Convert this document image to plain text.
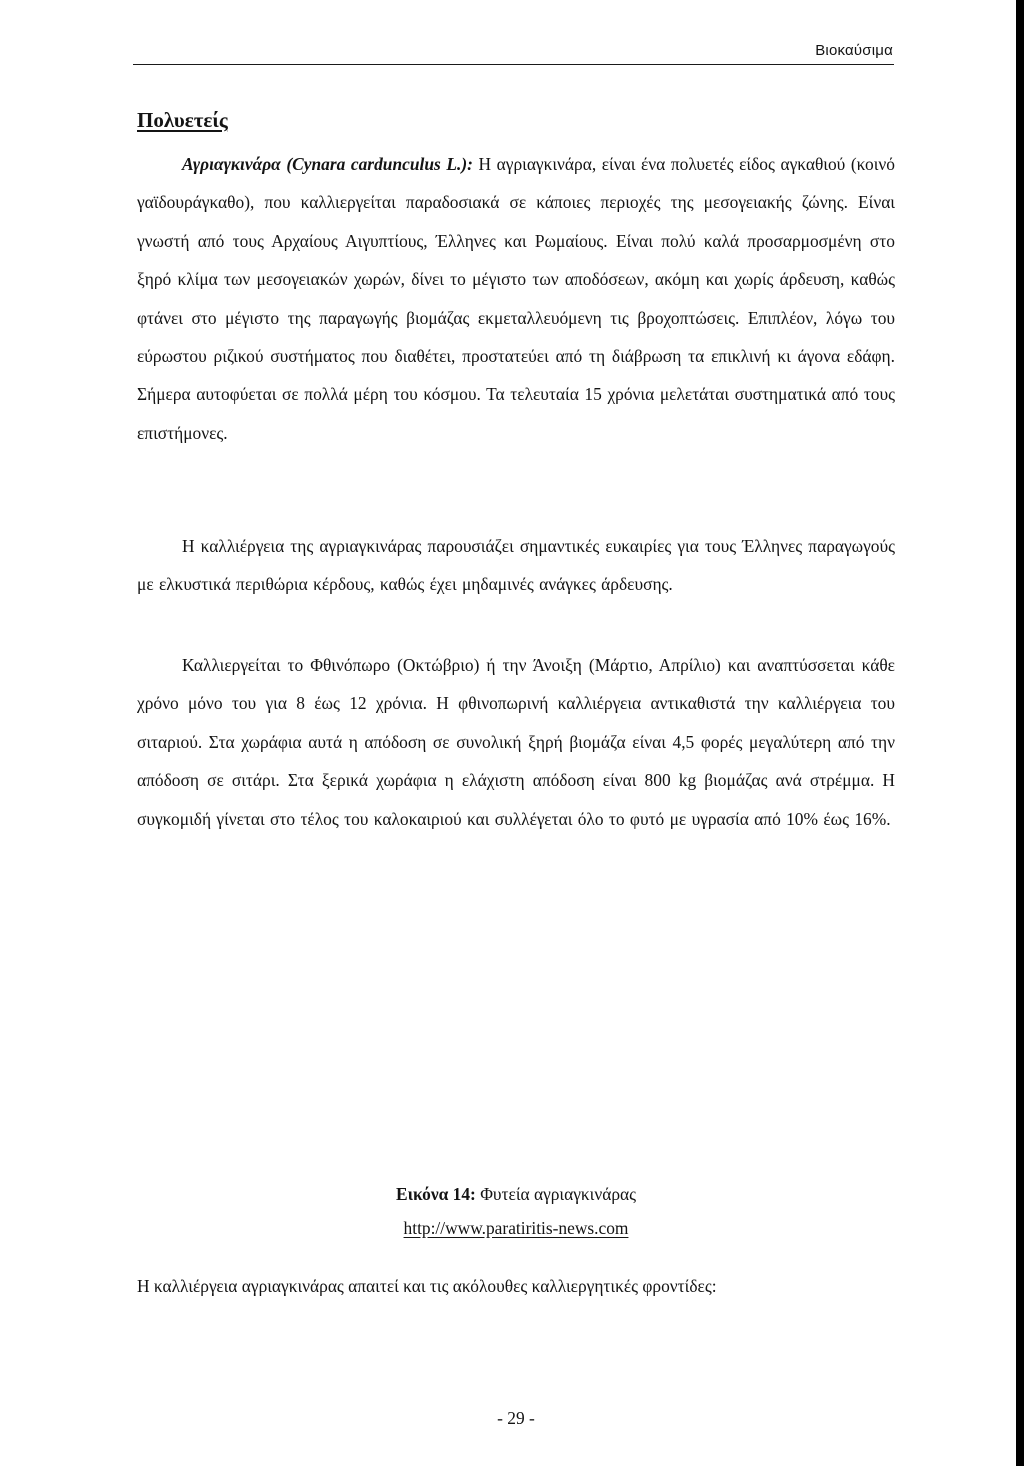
Βιοκαύσιμα
Πολυετείς

Αγριαγκινάρα (Cynara cardunculus L.): Η αγριαγκινάρα, είναι ένα πολυετές είδος αγκαθιού (κοινό γαϊδουράγκαθο), που καλλιεργείται παραδοσιακά σε κάποιες περιοχές της μεσογειακής ζώνης. Είναι γνωστή από τους Αρχαίους Αιγυπτίους, Έλληνες και Ρωμαίους. Είναι πολύ καλά προσαρμοσμένη στο ξηρό κλίμα των μεσογειακών χωρών, δίνει το μέγιστο των αποδόσεων, ακόμη και χωρίς άρδευση, καθώς φτάνει στο μέγιστο της παραγωγής βιομάζας εκμεταλλευόμενη τις βροχοπτώσεις. Επιπλέον, λόγω του εύρωστου ριζικού συστήματος που διαθέτει, προστατεύει από τη διάβρωση τα επικλινή κι άγονα εδάφη. Σήμερα αυτοφύεται σε πολλά μέρη του κόσμου. Τα τελευταία 15 χρόνια μελετάται συστηματικά από τους επιστήμονες.

Η καλλιέργεια της αγριαγκινάρας παρουσιάζει σημαντικές ευκαιρίες για τους Έλληνες παραγωγούς με ελκυστικά περιθώρια κέρδους, καθώς έχει μηδαμινές ανάγκες άρδευσης.

Καλλιεργείται το Φθινόπωρο (Οκτώβριο) ή την Άνοιξη (Μάρτιο, Απρίλιο) και αναπτύσσεται κάθε χρόνο μόνο του για 8 έως 12 χρόνια. Η φθινοπωρινή καλλιέργεια αντικαθιστά την καλλιέργεια του σιταριού. Στα χωράφια αυτά η απόδοση σε συνολική ξηρή βιομάζα είναι 4,5 φορές μεγαλύτερη από την απόδοση σε σιτάρι. Στα ξερικά χωράφια η ελάχιστη απόδοση είναι 800 kg βιομάζας ανά στρέμμα. Η συγκομιδή γίνεται στο τέλος του καλοκαιριού και συλλέγεται όλο το φυτό με υγρασία από 10% έως 16%.

Εικόνα 14: Φυτεία αγριαγκινάρας

http://www.paratiritis-news.com

Η καλλιέργεια αγριαγκινάρας απαιτεί και τις ακόλουθες καλλιεργητικές φροντίδες:

- 29 -
